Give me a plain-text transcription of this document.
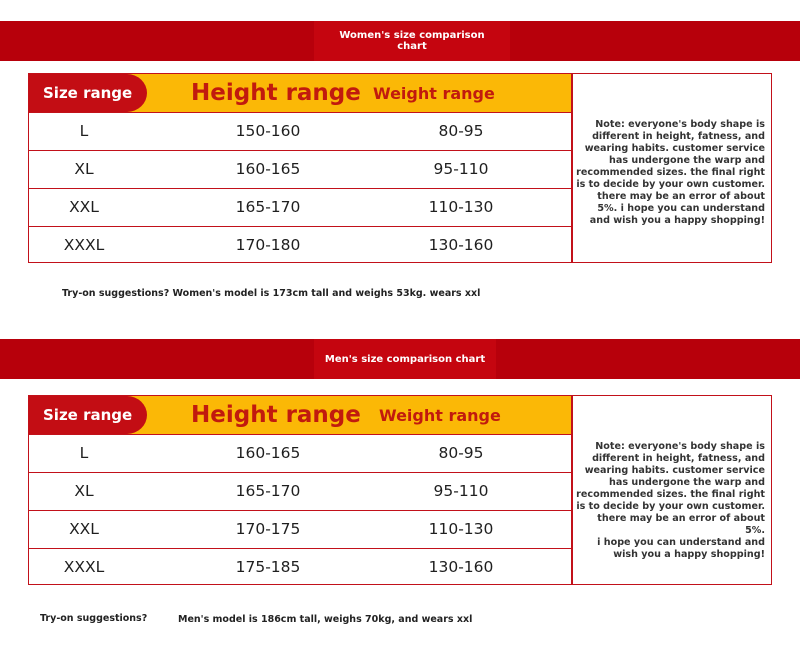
Women's size comparison
chart
Size range	Height range Weight range
L	150-160	80-95
XL	160-165	95-110
XXL	165-170	110-130
XXXL	170-180	130-160

Note: everyone's body shape is

different in height, fatness, and

wearing habits. customer service

has undergone the warp and

recommended sizes. the final right

is to decide by your own customer.

there may be an error of about

5%. i hope you can understand

and wish you a happy shopping!

Try-on suggestions? Women's model is 173cm tall and weighs 53kg. wears xxl
Men's size comparison chart
Size range	Height range Weight range
L	160-165	80-95
XL	165-170	95-110
XXL	170-175	110-130
XXXL	175-185	130-160

Note: everyone's body shape is

different in height, fatness, and

wearing habits. customer service

has undergone the warp and

recommended sizes. the final right

is to decide by your own customer.

there may be an error of about 5%.

i hope you can understand and

wish you a happy shopping!

Try-on suggestions?	Men's model is 186cm tall, weighs 70kg, and wears xxl
